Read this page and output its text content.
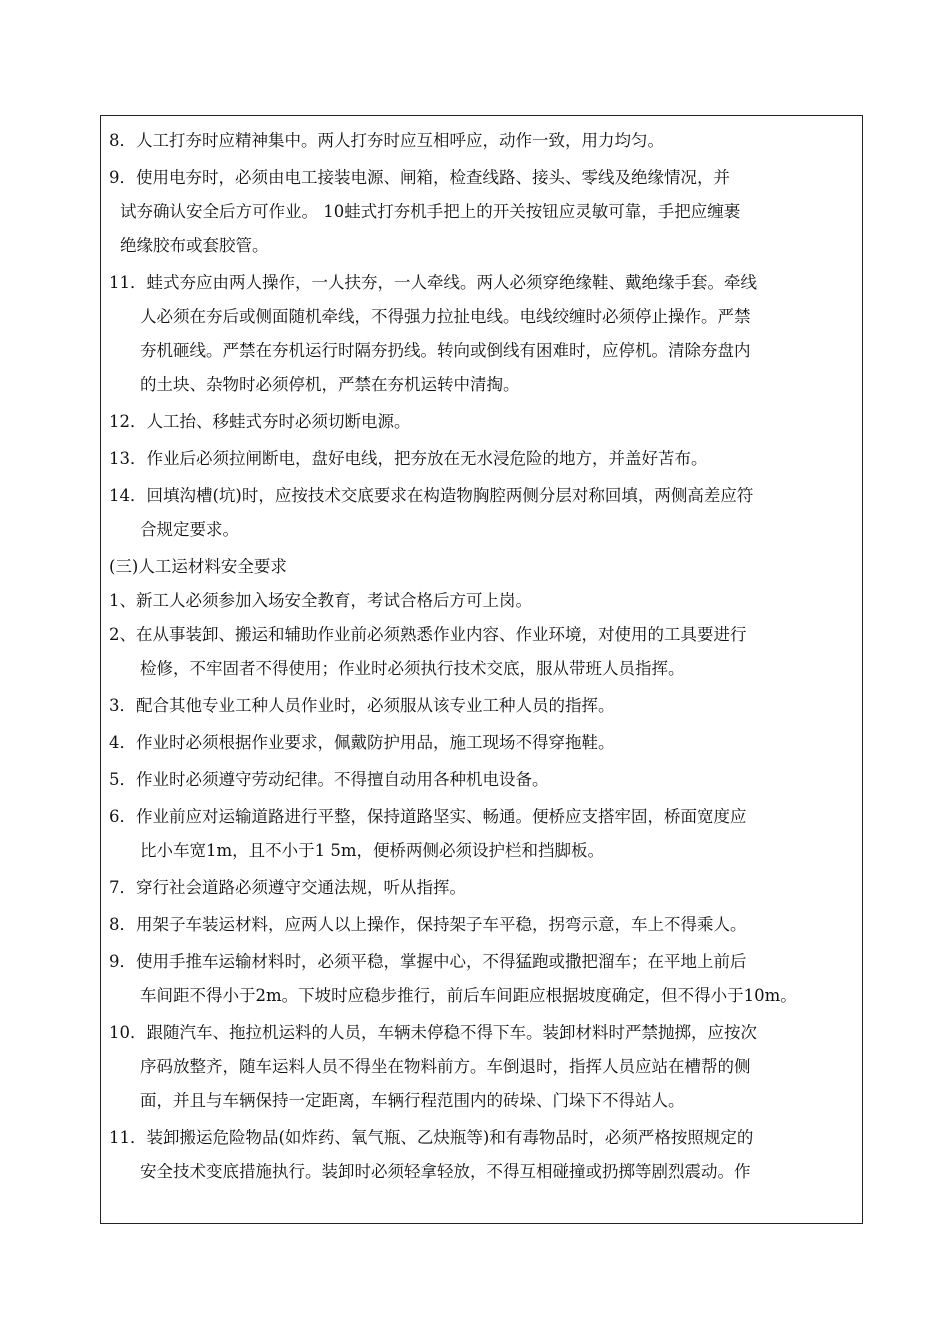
8．人工打夯时应精神集中。两人打夯时应互相呼应，动作一致，用力均匀。
9．使用电夯时，必须由电工接装电源、闸箱，检查线路、接头、零线及绝缘情况，并
试夯确认安全后方可作业。 10蛙式打夯机手把上的开关按钮应灵敏可靠，手把应缠裹
绝缘胶布或套胶管。
11．蛙式夯应由两人操作，一人扶夯，一人牵线。两人必须穿绝缘鞋、戴绝缘手套。牵线
人必须在夯后或侧面随机牵线，不得强力拉扯电线。电线绞缠时必须停止操作。严禁
夯机砸线。严禁在夯机运行时隔夯扔线。转向或倒线有困难时，应停机。清除夯盘内
的土块、杂物时必须停机，严禁在夯机运转中清掏。
12．人工抬、移蛙式夯时必须切断电源。
13．作业后必须拉闸断电，盘好电线，把夯放在无水浸危险的地方，并盖好苫布。
14．回填沟槽(坑)时，应按技术交底要求在构造物胸腔两侧分层对称回填，两侧高差应符
合规定要求。
(三)人工运材料安全要求
1、新工人必须参加入场安全教育，考试合格后方可上岗。
2、在从事装卸、搬运和辅助作业前必须熟悉作业内容、作业环境，对使用的工具要进行
检修，不牢固者不得使用；作业时必须执行技术交底，服从带班人员指挥。
3．配合其他专业工种人员作业时，必须服从该专业工种人员的指挥。
4．作业时必须根据作业要求，佩戴防护用品，施工现场不得穿拖鞋。
5．作业时必须遵守劳动纪律。不得擅自动用各种机电设备。
6．作业前应对运输道路进行平整，保持道路坚实、畅通。便桥应支搭牢固，桥面宽度应
比小车宽1m，且不小于1 5m，便桥两侧必须设护栏和挡脚板。
7．穿行社会道路必须遵守交通法规，听从指挥。
8．用架子车装运材料，应两人以上操作，保持架子车平稳，拐弯示意，车上不得乘人。
9．使用手推车运输材料时，必须平稳，掌握中心，不得猛跑或撒把溜车；在平地上前后
车间距不得小于2m。下坡时应稳步推行，前后车间距应根据坡度确定，但不得小于10m。
10．跟随汽车、拖拉机运料的人员，车辆未停稳不得下车。装卸材料时严禁抛掷，应按次
序码放整齐，随车运料人员不得坐在物料前方。车倒退时，指挥人员应站在槽帮的侧
面，并且与车辆保持一定距离，车辆行程范围内的砖垛、门垛下不得站人。
11．装卸搬运危险物品(如炸药、氧气瓶、乙炔瓶等)和有毒物品时，必须严格按照规定的
安全技术变底措施执行。装卸时必须轻拿轻放，不得互相碰撞或扔掷等剧烈震动。作
